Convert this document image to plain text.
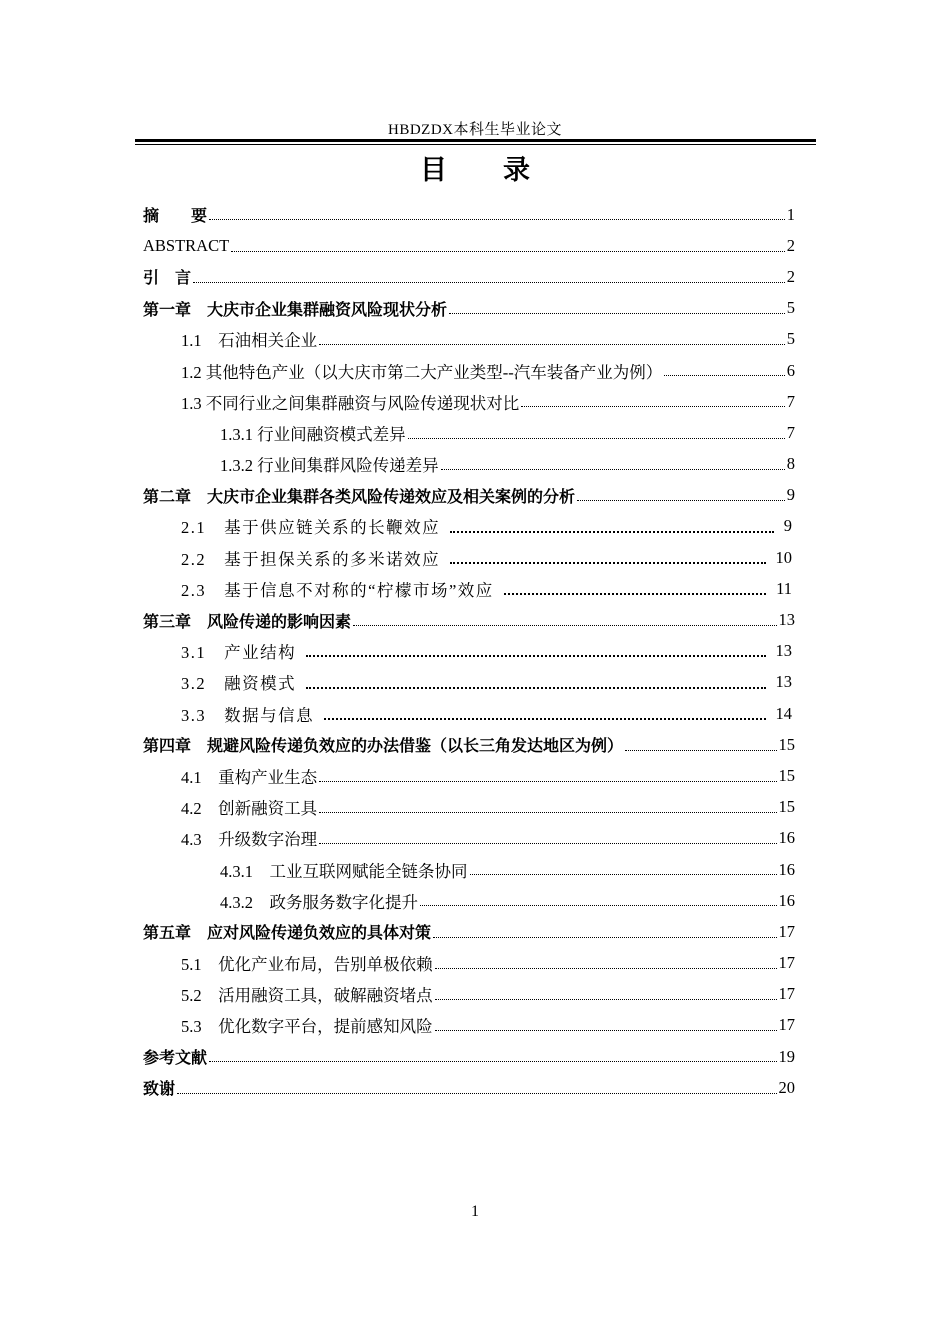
HBDZDX本科生毕业论文
目录
摘　　要	1
ABSTRACT	2
引　言	2
第一章　大庆市企业集群融资风险现状分析	5
1.1　石油相关企业	5
1.2 其他特色产业（以大庆市第二大产业类型--汽车装备产业为例）	6
1.3 不同行业之间集群融资与风险传递现状对比	7
1.3.1 行业间融资模式差异	7
1.3.2 行业间集群风险传递差异	8
第二章　大庆市企业集群各类风险传递效应及相关案例的分析	9
2.1　基于供应链关系的长鞭效应	9
2.2　基于担保关系的多米诺效应	10
2.3　基于信息不对称的“柠檬市场”效应	11
第三章　风险传递的影响因素	13
3.1　产业结构	13
3.2　融资模式	13
3.3　数据与信息	14
第四章　规避风险传递负效应的办法借鉴（以长三角发达地区为例）	15
4.1　重构产业生态	15
4.2　创新融资工具	15
4.3　升级数字治理	16
4.3.1　工业互联网赋能全链条协同	16
4.3.2　政务服务数字化提升	16
第五章　应对风险传递负效应的具体对策	17
5.1　优化产业布局，告别单极依赖	17
5.2　活用融资工具，破解融资堵点	17
5.3　优化数字平台，提前感知风险	17
参考文献	19
致谢	20
1
